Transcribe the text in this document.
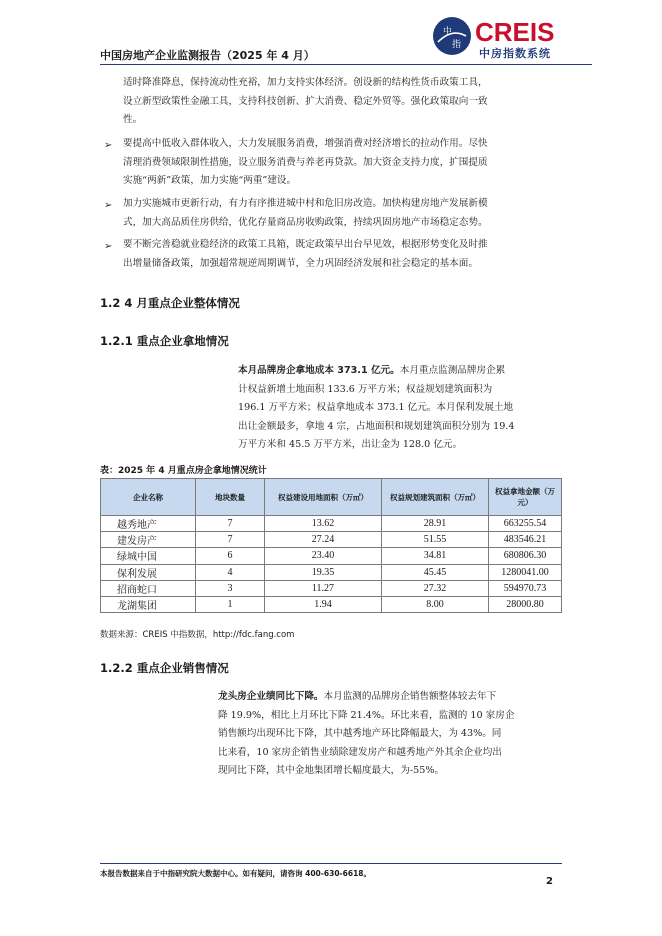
中国房地产企业监测报告（2025 年 4 月）
中
指 CREIS
中房指数系统
适时降准降息，保持流动性充裕，加力支持实体经济。创设新的结构性货币政策工具，
设立新型政策性金融工具，支持科技创新、扩大消费、稳定外贸等。强化政策取向一致
性。
➢ 要提高中低收入群体收入，大力发展服务消费，增强消费对经济增长的拉动作用。尽快
清理消费领域限制性措施，设立服务消费与养老再贷款。加大资金支持力度，扩围提质
实施“两新”政策，加力实施“两重”建设。
➢ 加力实施城市更新行动，有力有序推进城中村和危旧房改造。加快构建房地产发展新模
式，加大高品质住房供给，优化存量商品房收购政策，持续巩固房地产市场稳定态势。
➢ 要不断完善稳就业稳经济的政策工具箱，既定政策早出台早见效，根据形势变化及时推
出增量储备政策，加强超常规逆周期调节，全力巩固经济发展和社会稳定的基本面。
1.2 4 月重点企业整体情况
1.2.1 重点企业拿地情况
本月品牌房企拿地成本 373.1 亿元。本月重点监测品牌房企累
计权益新增土地面积 133.6 万平方米；权益规划建筑面积为
196.1 万平方米；权益拿地成本 373.1 亿元。本月保利发展土地
出让金额最多，拿地 4 宗，占地面积和规划建筑面积分别为 19.4
万平方米和 45.5 万平方米，出让金为 128.0 亿元。
表：2025 年 4 月重点房企拿地情况统计
企业名称	地块数量	权益建设用地面积（万㎡）	权益规划建筑面积（万㎡）	权益拿地金额（万元）
越秀地产	7	13.62	28.91	663255.54
建发房产	7	27.24	51.55	483546.21
绿城中国	6	23.40	34.81	680806.30
保利发展	4	19.35	45.45	1280041.00
招商蛇口	3	11.27	27.32	594970.73
龙湖集团	1	1.94	8.00	28000.80
数据来源：CREIS 中指数据，http://fdc.fang.com
1.2.2 重点企业销售情况
龙头房企业绩同比下降。本月监测的品牌房企销售额整体较去年下
降 19.9%，相比上月环比下降 21.4%。环比来看，监测的 10 家房企
销售额均出现环比下降，其中越秀地产环比降幅最大，为 43%。同
比来看，10 家房企销售业绩除建发房产和越秀地产外其余企业均出
现同比下降，其中金地集团增长幅度最大，为-55%。
本报告数据来自于中指研究院大数据中心。如有疑问，请咨询 400-630-6618。
2
